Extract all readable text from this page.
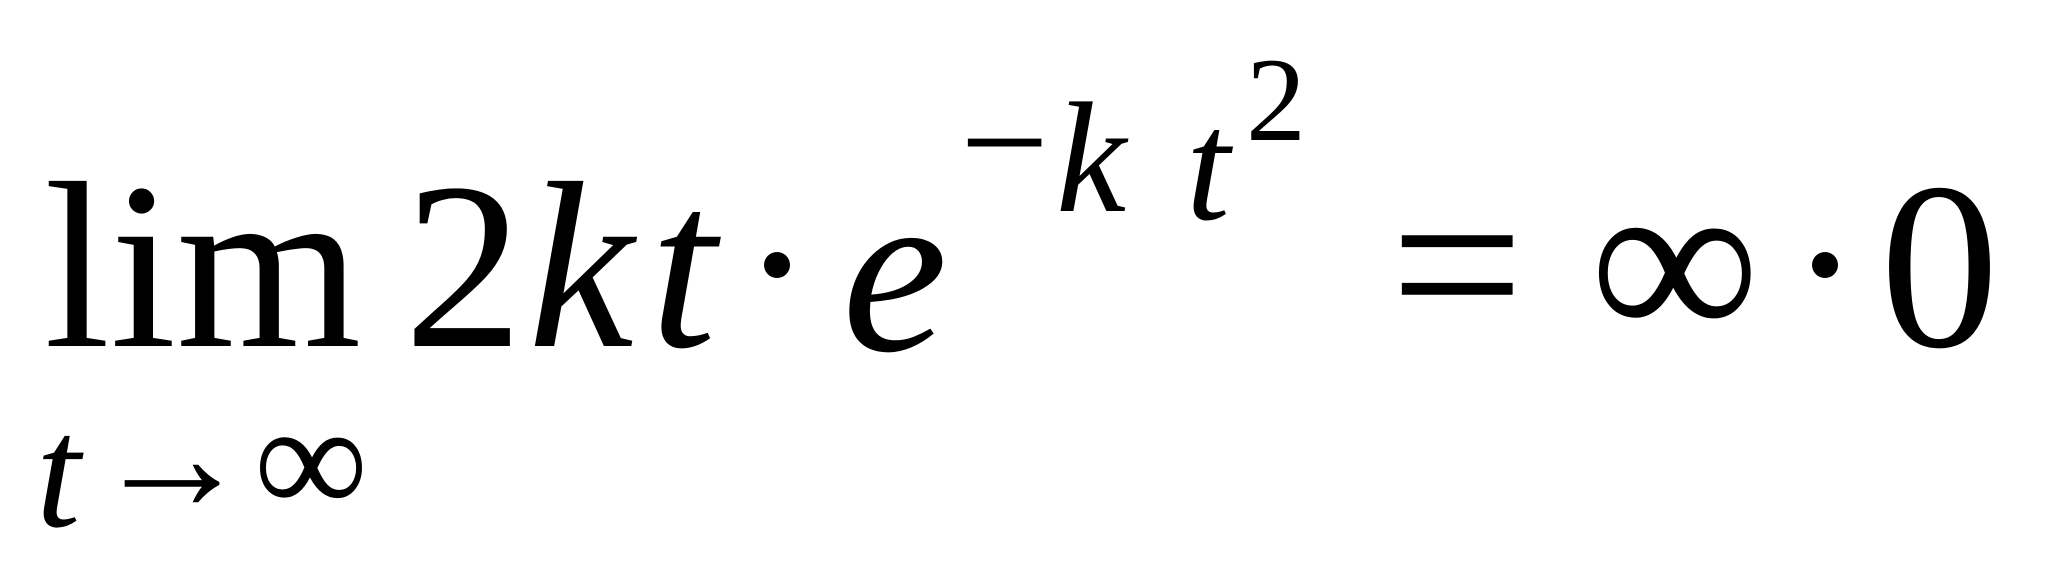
lim
t → ∞
2 k t e − k t 2
= ∞ 0
